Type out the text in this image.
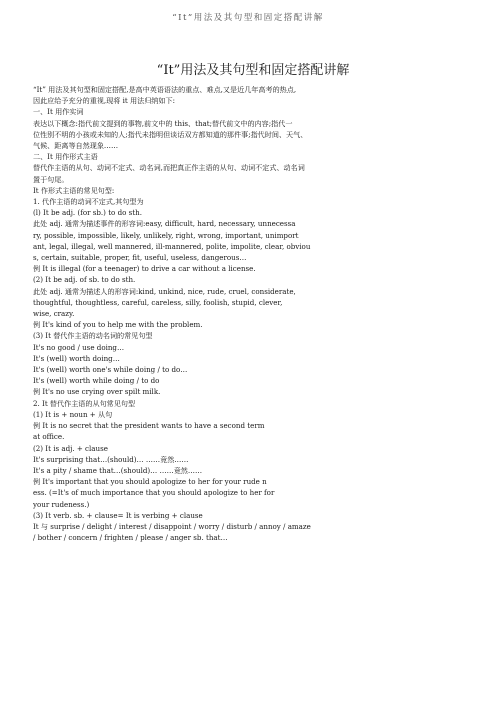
“It”用法及其句型和固定搭配讲解
“It”用法及其句型和固定搭配讲解
“It” 用法及其句型和固定搭配,是高中英语语法的重点、难点,又是近几年高考的热点,
因此应给予充分的重视,现将 it 用法归纳如下:
一、It 用作实词
表达以下概念:指代前文提到的事物,前文中的 this、that;替代前文中的内容;指代一
位性别不明的小孩或未知的人;指代未指明但谈话双方都知道的那件事;指代时间、天气、
气候、距离等自然现象……
二、It 用作形式主语
替代作主语的从句、动词不定式、动名词,而把真正作主语的从句、动词不定式、动名词
置于句尾。
It 作形式主语的常见句型:
1. 代作主语的动词不定式,其句型为
(l) It be adj. (for sb.) to do sth.
此处 adj. 通常为描述事件的形容词:easy, difficult, hard, necessary, unnecessa
ry, possible, impossible, likely, unlikely, right, wrong, important, unimport
ant, legal, illegal, well mannered, ill-mannered, polite, impolite, clear, obviou
s, certain, suitable, proper, fit, useful, useless, dangerous…
例 It is illegal (for a teenager) to drive a car without a license.
(2) It be adj. of sb. to do sth.
此处 adj. 通常为描述人的形容词:kind, unkind, nice, rude, cruel, considerate,
thoughtful, thoughtless, careful, careless, silly, foolish, stupid, clever,
wise, crazy.
例 It's kind of you to help me with the problem.
(3) It 替代作主语的动名词的常见句型
It's no good / use doing…
It's (well) worth doing…
It's (well) worth one's while doing / to do…
It's (well) worth while doing / to do
例 It's no use crying over spilt milk.
2. It 替代作主语的从句常见句型
(1) It is + noun + 从句
例 It is no secret that the president wants to have a second term
at office.
(2) It is adj. + clause
It's surprising that…(should)… ……竟然……
It's a pity / shame that…(should)… ……竟然……
例 It's important that you should apologize to her for your rude n
ess. (=It's of much importance that you should apologize to her for
your rudeness.)
(3) It verb. sb. + clause= It is verbing + clause
It 与 surprise / delight / interest / disappoint / worry / disturb / annoy / amaze
/ bother / concern / frighten / please / anger sb. that…
